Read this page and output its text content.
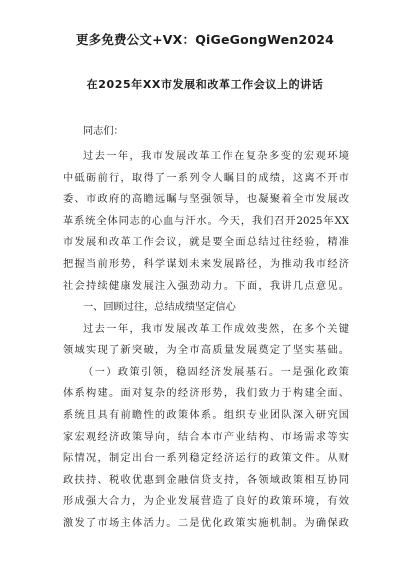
更多免费公文+VX：QiGeGongWen2024
在2025年XX市发展和改革工作会议上的讲话
同志们：
过去一年，我市发展改革工作在复杂多变的宏观环境
中砥砺前行，取得了一系列令人瞩目的成绩，这离不开市
委、市政府的高瞻远瞩与坚强领导，也凝聚着全市发展改
革系统全体同志的心血与汗水。今天，我们召开2025年XX
市发展和改革工作会议，就是要全面总结过往经验，精准
把握当前形势，科学谋划未来发展路径，为推动我市经济
社会持续健康发展注入强劲动力。下面，我讲几点意见。
一、回顾过往，总结成绩坚定信心
过去一年，我市发展改革工作成效斐然，在多个关键
领域实现了新突破，为全市高质量发展奠定了坚实基础。
（一）政策引领，稳固经济发展基石。一是强化政策
体系构建。面对复杂的经济形势，我们致力于构建全面、
系统且具有前瞻性的政策体系。组织专业团队深入研究国
家宏观经济政策导向，结合本市产业结构、市场需求等实
际情况，制定出台一系列稳定经济运行的政策文件。从财
政扶持、税收优惠到金融信贷支持，各领域政策相互协同
形成强大合力，为企业发展营造了良好的政策环境，有效
激发了市场主体活力。二是优化政策实施机制。为确保政
